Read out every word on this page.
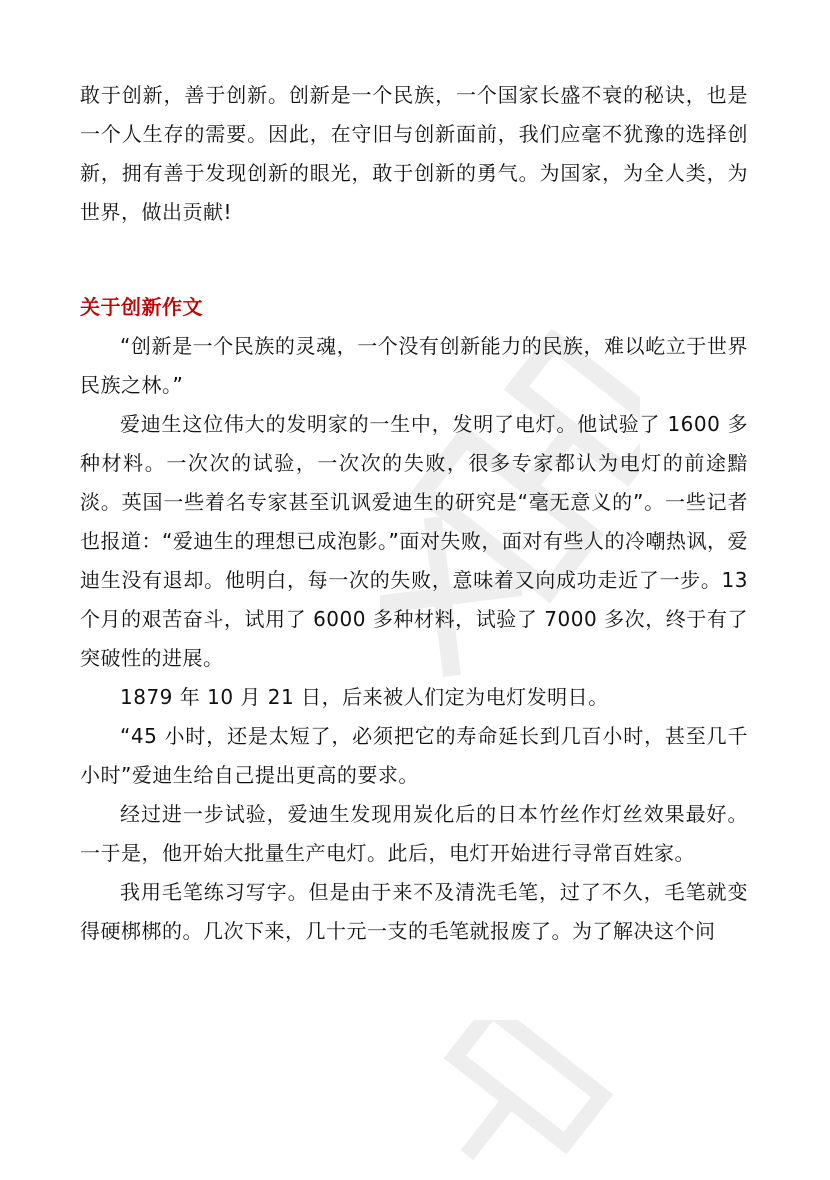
敢于创新，善于创新。创新是一个民族，一个国家长盛不衰的秘诀，也是一个人生存的需要。因此，在守旧与创新面前，我们应毫不犹豫的选择创新，拥有善于发现创新的眼光，敢于创新的勇气。为国家，为全人类，为世界，做出贡献!

关于创新作文

“创新是一个民族的灵魂，一个没有创新能力的民族，难以屹立于世界民族之林。”

爱迪生这位伟大的发明家的一生中，发明了电灯。他试验了 1600 多种材料。一次次的试验，一次次的失败，很多专家都认为电灯的前途黯淡。英国一些着名专家甚至讥讽爱迪生的研究是“毫无意义的”。一些记者也报道：“爱迪生的理想已成泡影。”面对失败，面对有些人的冷嘲热讽，爱迪生没有退却。他明白，每一次的失败，意味着又向成功走近了一步。13 个月的艰苦奋斗，试用了 6000 多种材料，试验了 7000 多次，终于有了突破性的进展。

1879 年 10 月 21 日，后来被人们定为电灯发明日。

“45 小时，还是太短了，必须把它的寿命延长到几百小时，甚至几千小时”爱迪生给自己提出更高的要求。

经过进一步试验，爱迪生发现用炭化后的日本竹丝作灯丝效果最好。一于是，他开始大批量生产电灯。此后，电灯开始进行寻常百姓家。

我用毛笔练习写字。但是由于来不及清洗毛笔，过了不久，毛笔就变得硬梆梆的。几次下来，几十元一支的毛笔就报废了。为了解决这个问
